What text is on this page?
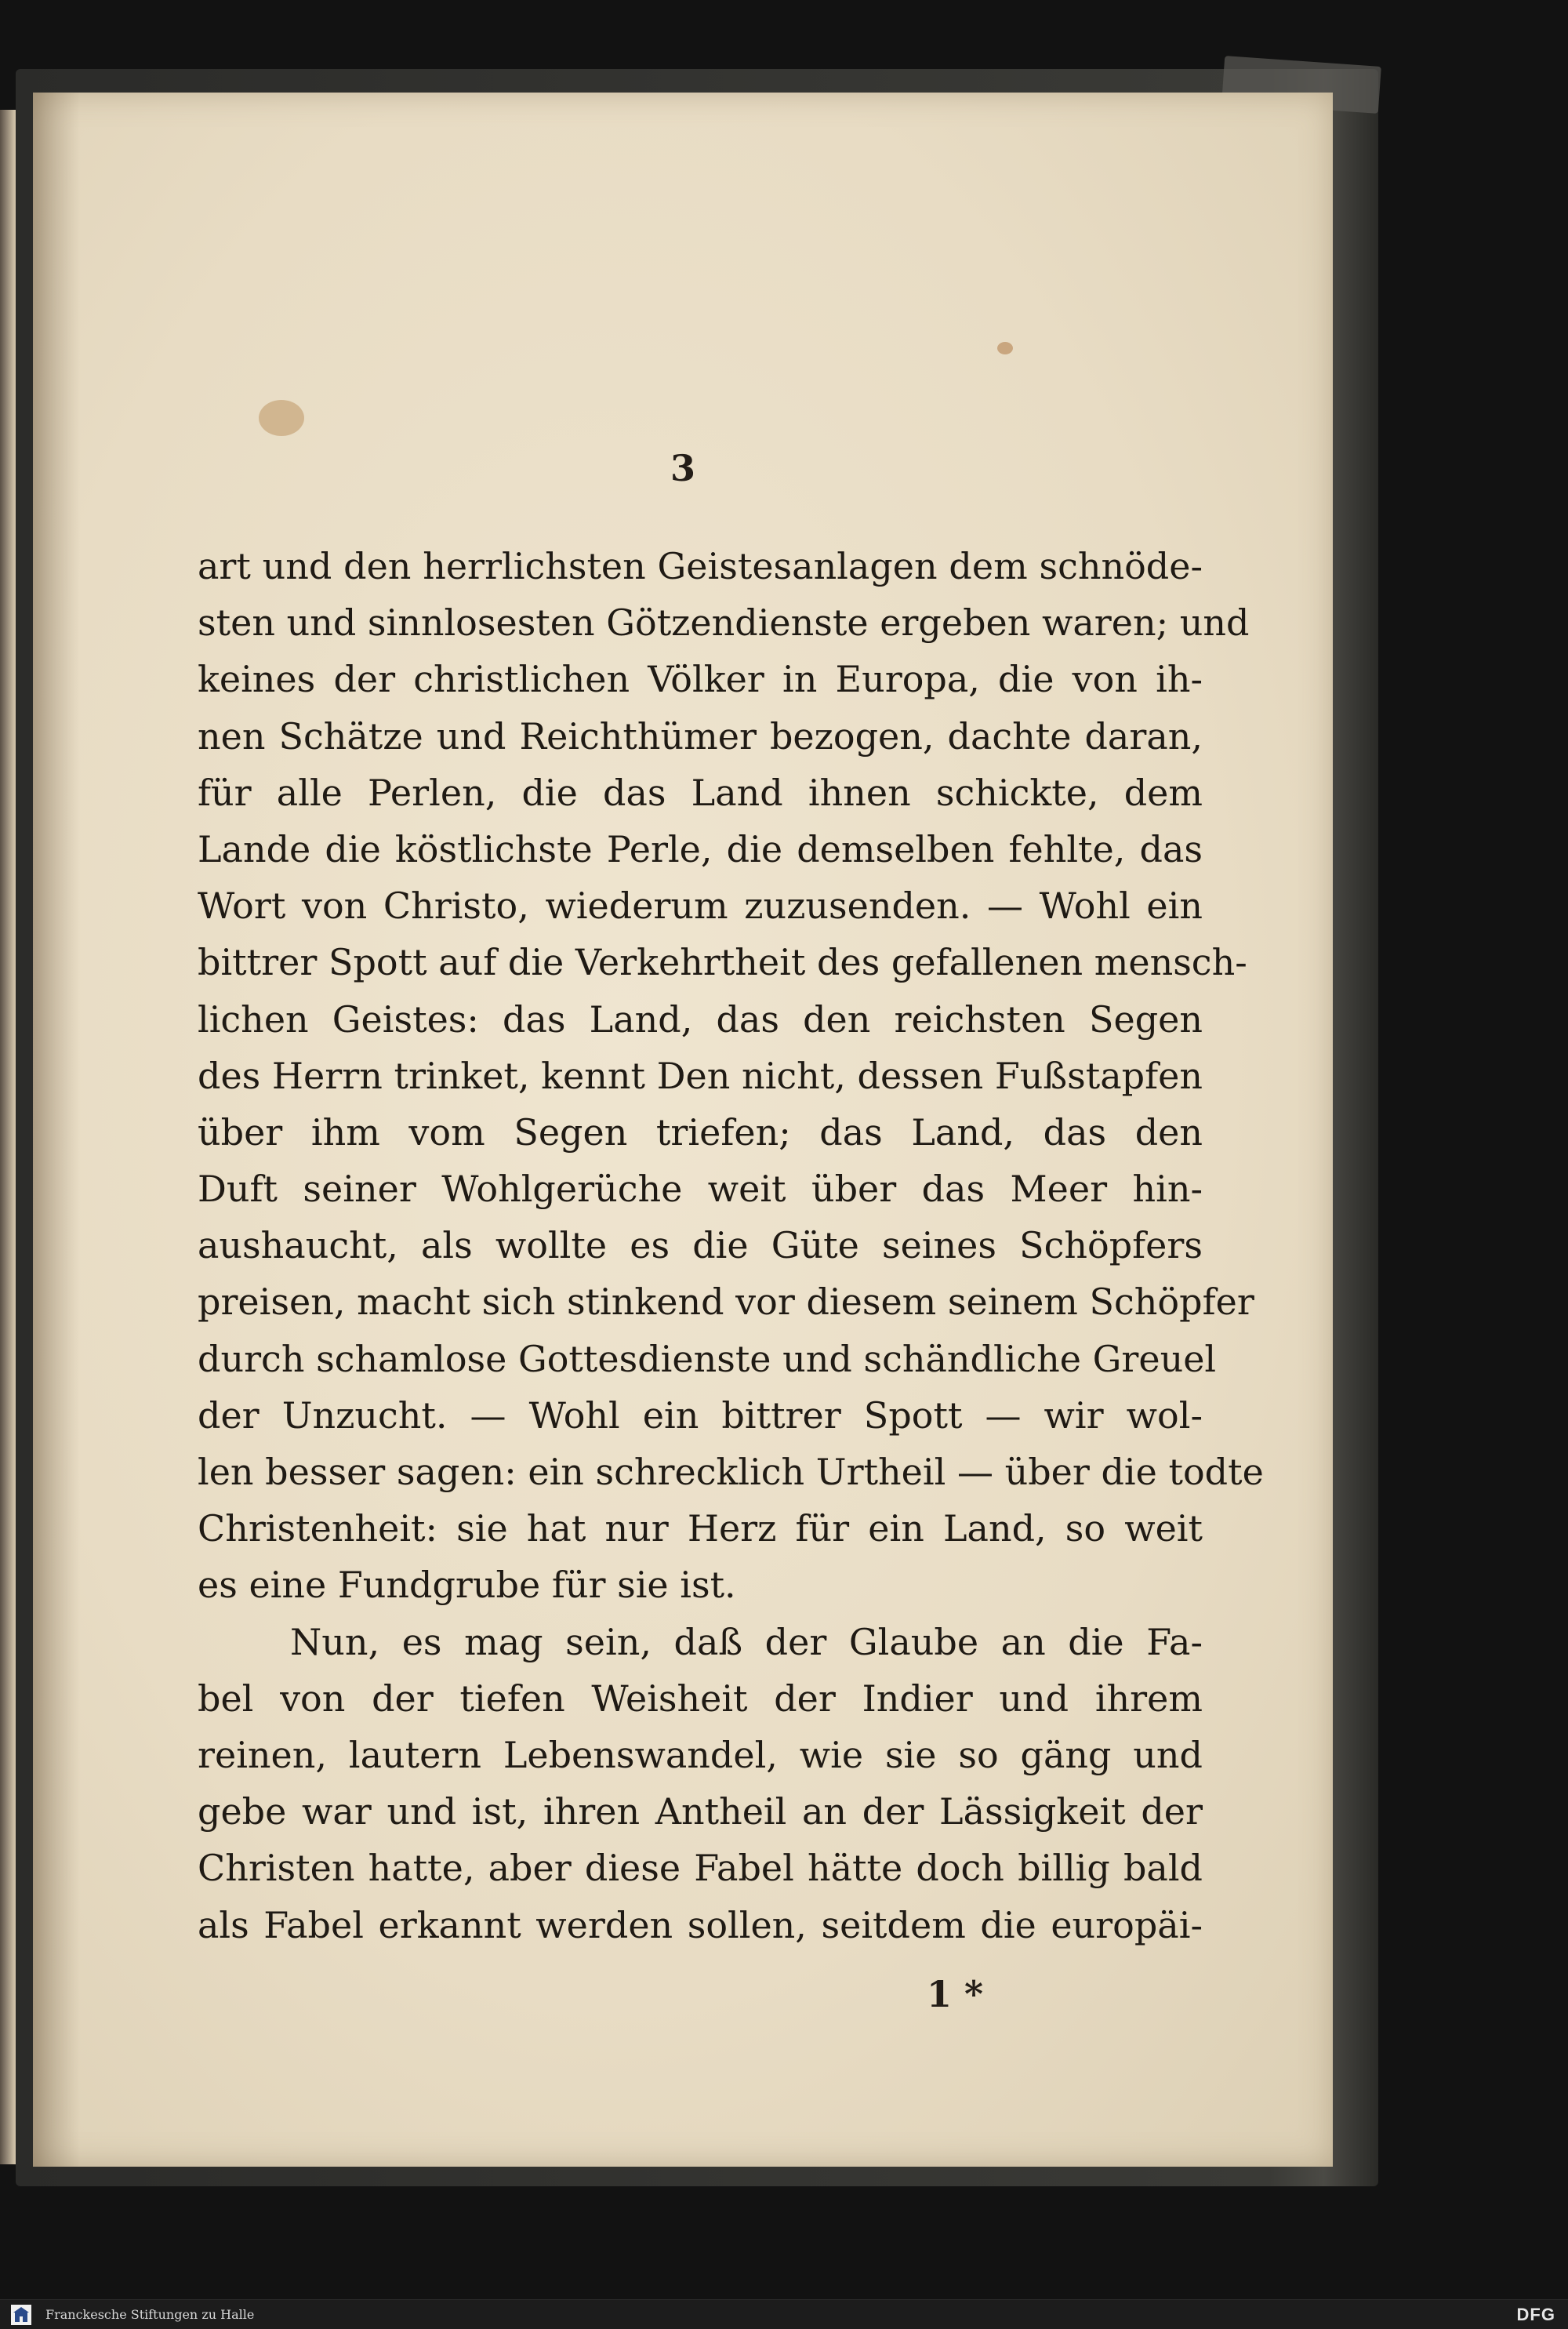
3
art und den herrlichsten Geistesanlagen dem schnöde-
sten und sinnlosesten Götzendienste ergeben waren; und
keines der christlichen Völker in Europa, die von ih-
nen Schätze und Reichthümer bezogen, dachte daran,
für alle Perlen, die das Land ihnen schickte, dem
Lande die köstlichste Perle, die demselben fehlte, das
Wort von Christo, wiederum zuzusenden. — Wohl ein
bittrer Spott auf die Verkehrtheit des gefallenen mensch-
lichen Geistes: das Land, das den reichsten Segen
des Herrn trinket, kennt Den nicht, dessen Fußstapfen
über ihm vom Segen triefen; das Land, das den
Duft seiner Wohlgerüche weit über das Meer hin-
aushaucht, als wollte es die Güte seines Schöpfers
preisen, macht sich stinkend vor diesem seinem Schöpfer
durch schamlose Gottesdienste und schändliche Greuel
der Unzucht. — Wohl ein bittrer Spott — wir wol-
len besser sagen: ein schrecklich Urtheil — über die todte
Christenheit: sie hat nur Herz für ein Land, so weit
es eine Fundgrube für sie ist.
Nun, es mag sein, daß der Glaube an die Fa-
bel von der tiefen Weisheit der Indier und ihrem
reinen, lautern Lebenswandel, wie sie so gäng und
gebe war und ist, ihren Antheil an der Lässigkeit der
Christen hatte, aber diese Fabel hätte doch billig bald
als Fabel erkannt werden sollen, seitdem die europäi-
1 *
Franckesche Stiftungen zu Halle	DFG
